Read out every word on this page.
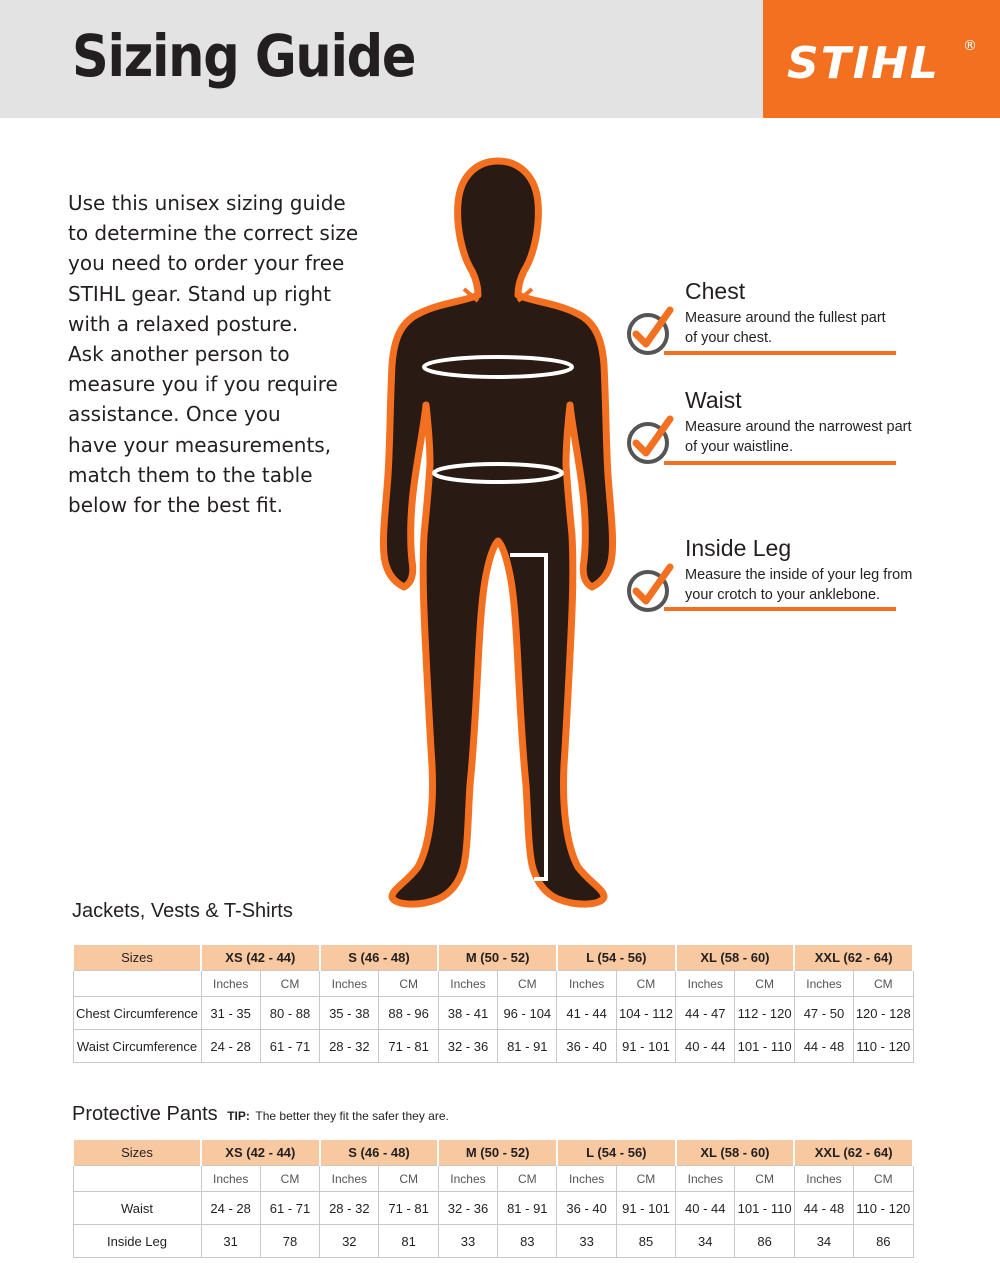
Sizing Guide	STIHL ®
Use this unisex sizing guide
to determine the correct size
you need to order your free
STIHL gear. Stand up right
with a relaxed posture.
Ask another person to
measure you if you require
assistance. Once you
have your measurements,
match them to the table
below for the best fit.
Chest
Measure around the fullest part
of your chest.
Waist
Measure around the narrowest part
of your waistline.
Inside Leg
Measure the inside of your leg from
your crotch to your anklebone.
Jackets, Vests & T-Shirts
Sizes	XS (42 - 44)		S (46 - 48)		M (50 - 52)		L (54 - 56)		XL (58 - 60)		XXL (62 - 64)	
	Inches	CM	Inches	CM	Inches	CM	Inches	CM	Inches	CM	Inches	CM
Chest Circumference	31 - 35	80 - 88	35 - 38	88 - 96	38 - 41	96 - 104	41 - 44	104 - 112	44 - 47	112 - 120	47 - 50	120 - 128
Waist Circumference	24 - 28	61 - 71	28 - 32	71 - 81	32 - 36	81 - 91	36 - 40	91 - 101	40 - 44	101 - 110	44 - 48	110 - 120
Protective Pants TIP: The better they fit the safer they are.
Sizes	XS (42 - 44)		S (46 - 48)		M (50 - 52)		L (54 - 56)		XL (58 - 60)		XXL (62 - 64)	
	Inches	CM	Inches	CM	Inches	CM	Inches	CM	Inches	CM	Inches	CM
Waist	24 - 28	61 - 71	28 - 32	71 - 81	32 - 36	81 - 91	36 - 40	91 - 101	40 - 44	101 - 110	44 - 48	110 - 120
Inside Leg	31	78	32	81	33	83	33	85	34	86	34	86
